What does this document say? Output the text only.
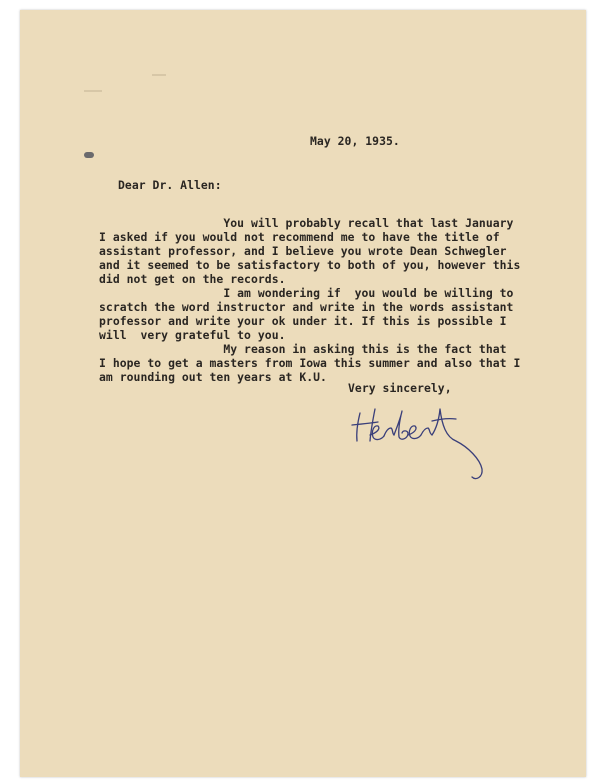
May 20, 1935.
Dear Dr. Allen:
You will probably recall that last January
I asked if you would not recommend me to have the title of
assistant professor, and I believe you wrote Dean Schwegler
and it seemed to be satisfactory to both of you, however this
did not get on the records.
I am wondering if  you would be willing to
scratch the word instructor and write in the words assistant
professor and write your ok under it. If this is possible I
will  very grateful to you.
My reason in asking this is the fact that
I hope to get a masters from Iowa this summer and also that I
am rounding out ten years at K.U.
Very sincerely,
